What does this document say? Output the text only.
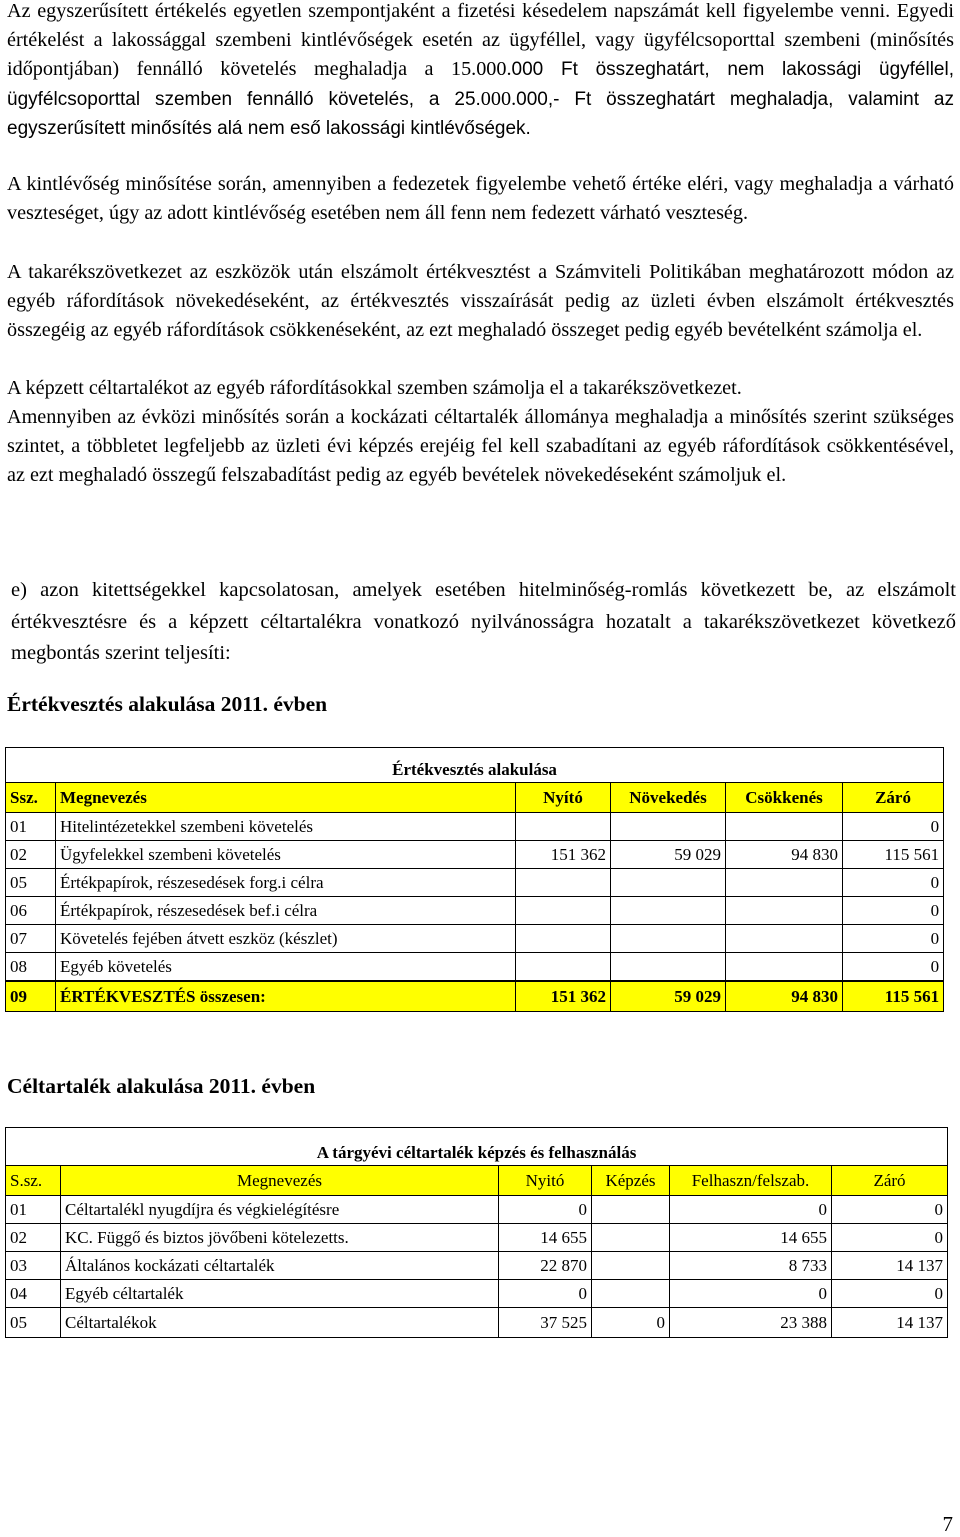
Az egyszerűsített értékelés egyetlen szempontjaként a fizetési késedelem napszámát kell figyelembe venni. Egyedi értékelést a lakossággal szembeni kintlévőségek esetén az ügyféllel, vagy ügyfélcsoporttal szembeni (minősítés időpontjában) fennálló követelés meghaladja a 15.000.000 Ft összeghatárt, nem lakossági ügyféllel, ügyfélcsoporttal szemben fennálló követelés, a 25.000.000,- Ft összeghatárt meghaladja, valamint az egyszerűsített minősítés alá nem eső lakossági kintlévőségek.

A kintlévőség minősítése során, amennyiben a fedezetek figyelembe vehető értéke eléri, vagy meghaladja a várható veszteséget, úgy az adott kintlévőség esetében nem áll fenn nem fedezett várható veszteség.

A takarékszövetkezet az eszközök után elszámolt értékvesztést a Számviteli Politikában meghatározott módon az egyéb ráfordítások növekedéseként, az értékvesztés visszaírását pedig az üzleti évben elszámolt értékvesztés összegéig az egyéb ráfordítások csökkenéseként, az ezt meghaladó összeget pedig egyéb bevételként számolja el.

A képzett céltartalékot az egyéb ráfordításokkal szemben számolja el a takarékszövetkezet.

Amennyiben az évközi minősítés során a kockázati céltartalék állománya meghaladja a minősítés szerint szükséges szintet, a többletet legfeljebb az üzleti évi képzés erejéig fel kell szabadítani az egyéb ráfordítások csökkentésével, az ezt meghaladó összegű felszabadítást pedig az egyéb bevételek növekedéseként számoljuk el.

e) azon kitettségekkel kapcsolatosan, amelyek esetében hitelminőség-romlás következett be, az elszámolt értékvesztésre és a képzett céltartalékra vonatkozó nyilvánosságra hozatalt a takarékszövetkezet következő megbontás szerint teljesíti:

Értékvesztés alakulása 2011. évben
Értékvesztés alakulása					
Ssz.	Megnevezés	Nyító	Növekedés	Csökkenés	Záró
01	Hitelintézetekkel szembeni követelés				0
02	Ügyfelekkel szembeni követelés	151 362	59 029	94 830	115 561
05	Értékpapírok, részesedések forg.i célra				0
06	Értékpapírok, részesedések bef.i célra				0
07	Követelés fejében átvett eszköz (készlet)				0
08	Egyéb követelés				0
09	ÉRTÉKVESZTÉS összesen:	151 362	59 029	94 830	115 561
Céltartalék alakulása 2011. évben
A tárgyévi céltartalék képzés és felhasználás					
S.sz.	Megnevezés	Nyitó	Képzés	Felhaszn/felszab.	Záró
01	Céltartalékl nyugdíjra és végkielégítésre	0		0	0
02	KC. Függő és biztos jövőbeni kötelezetts.	14 655		14 655	0
03	Általános kockázati céltartalék	22 870		8 733	14 137
04	Egyéb céltartalék	0		0	0
05	Céltartalékok	37 525	0	23 388	14 137
7
